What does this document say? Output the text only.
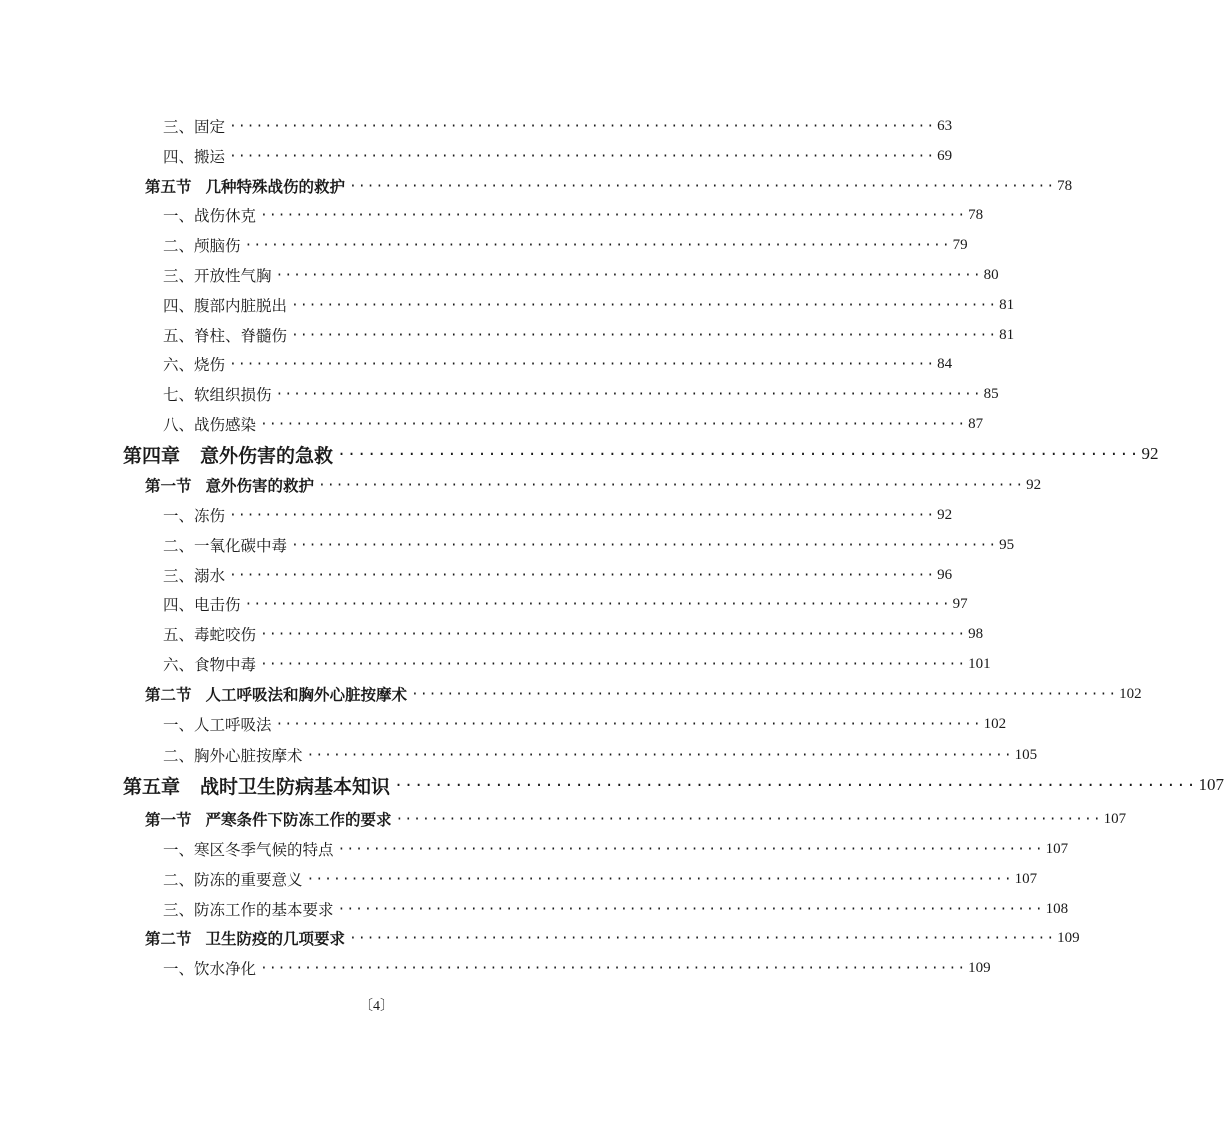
三、固定 ················································································ 63
四、搬运 ················································································ 69
第五节 几种特殊战伤的救护 ················································································ 78
一、战伤休克 ················································································ 78
二、颅脑伤 ················································································ 79
三、开放性气胸 ················································································ 80
四、腹部内脏脱出 ················································································ 81
五、脊柱、脊髓伤 ················································································ 81
六、烧伤 ················································································ 84
七、软组织损伤 ················································································ 85
八、战伤感染 ················································································ 87
第四章 意外伤害的急救 ················································································ 92
第一节 意外伤害的救护 ················································································ 92
一、冻伤 ················································································ 92
二、一氧化碳中毒 ················································································ 95
三、溺水 ················································································ 96
四、电击伤 ················································································ 97
五、毒蛇咬伤 ················································································ 98
六、食物中毒 ················································································ 101
第二节 人工呼吸法和胸外心脏按摩术 ················································································ 102
一、人工呼吸法 ················································································ 102
二、胸外心脏按摩术 ················································································ 105
第五章 战时卫生防病基本知识 ················································································ 107
第一节 严寒条件下防冻工作的要求 ················································································ 107
一、寒区冬季气候的特点 ················································································ 107
二、防冻的重要意义 ················································································ 107
三、防冻工作的基本要求 ················································································ 108
第二节 卫生防疫的几项要求 ················································································ 109
一、饮水净化 ················································································ 109
〔4〕
